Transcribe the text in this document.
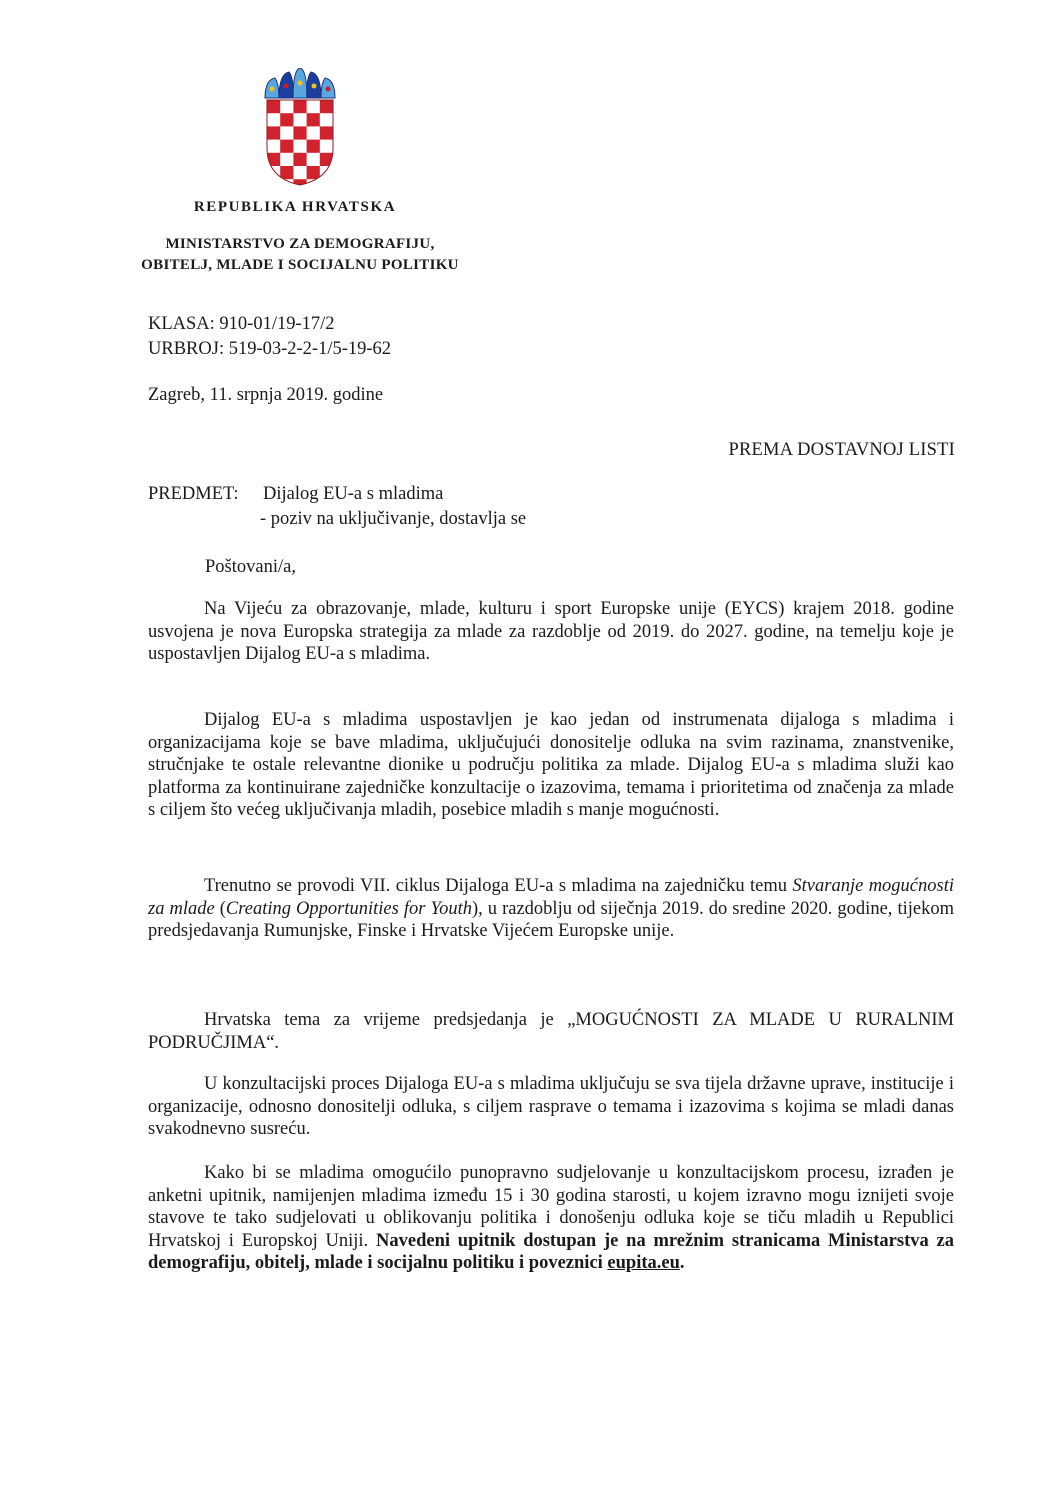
REPUBLIKA HRVATSKA
MINISTARSTVO ZA DEMOGRAFIJU,
OBITELJ, MLADE I SOCIJALNU POLITIKU
KLASA: 910-01/19-17/2
URBROJ: 519-03-2-2-1/5-19-62
Zagreb, 11. srpnja 2019. godine
PREMA DOSTAVNOJ LISTI
PREDMET: Dijalog EU-a s mladima
- poziv na uključivanje, dostavlja se
Poštovani/a,
Na Vijeću za obrazovanje, mlade, kulturu i sport Europske unije (EYCS) krajem 2018. godine usvojena je nova Europska strategija za mlade za razdoblje od 2019. do 2027. godine, na temelju koje je uspostavljen Dijalog EU-a s mladima.
Dijalog EU-a s mladima uspostavljen je kao jedan od instrumenata dijaloga s mladima i organizacijama koje se bave mladima, uključujući donositelje odluka na svim razinama, znanstvenike, stručnjake te ostale relevantne dionike u području politika za mlade. Dijalog EU-a s mladima služi kao platforma za kontinuirane zajedničke konzultacije o izazovima, temama i prioritetima od značenja za mlade s ciljem što većeg uključivanja mladih, posebice mladih s manje mogućnosti.
Trenutno se provodi VII. ciklus Dijaloga EU-a s mladima na zajedničku temu Stvaranje mogućnosti za mlade (Creating Opportunities for Youth), u razdoblju od siječnja 2019. do sredine 2020. godine, tijekom predsjedavanja Rumunjske, Finske i Hrvatske Vijećem Europske unije.
Hrvatska tema za vrijeme predsjedanja je „MOGUĆNOSTI ZA MLADE U RURALNIM PODRUČJIMA“.
U konzultacijski proces Dijaloga EU-a s mladima uključuju se sva tijela državne uprave, institucije i organizacije, odnosno donositelji odluka, s ciljem rasprave o temama i izazovima s kojima se mladi danas svakodnevno susreću.
Kako bi se mladima omogućilo punopravno sudjelovanje u konzultacijskom procesu, izrađen je anketni upitnik, namijenjen mladima između 15 i 30 godina starosti, u kojem izravno mogu iznijeti svoje stavove te tako sudjelovati u oblikovanju politika i donošenju odluka koje se tiču mladih u Republici Hrvatskoj i Europskoj Uniji. Navedeni upitnik dostupan je na mrežnim stranicama Ministarstva za demografiju, obitelj, mlade i socijalnu politiku i poveznici eupita.eu.
